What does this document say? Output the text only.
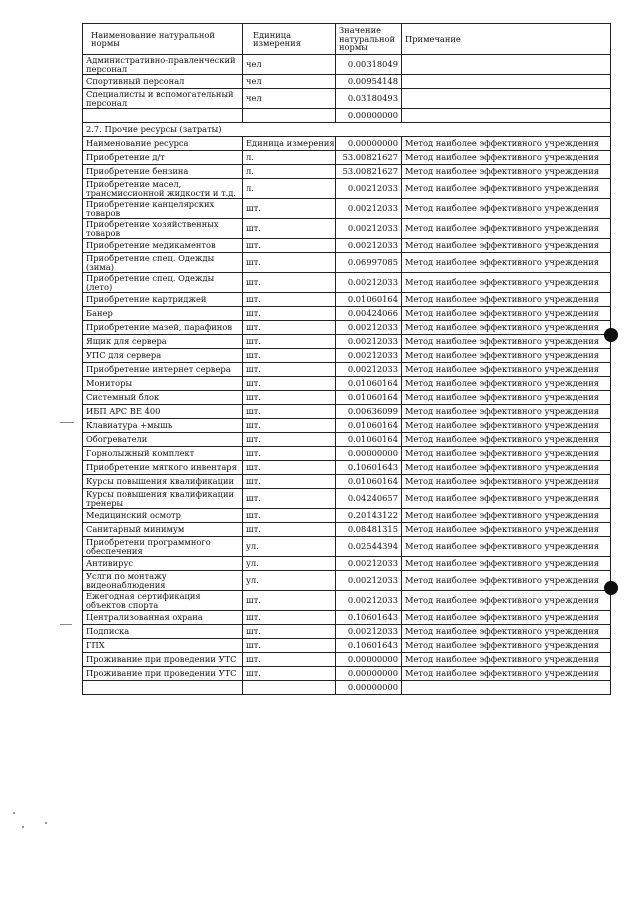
Наименование натуральной нормы	Единица измерения	Значение натуральной нормы	Примечание
Административно-правленческий персонал	чел	0.00318049	
Спортивный персонал	чел	0.00954148	
Специалисты и вспомогательный персонал	чел	0.03180493	
		0.00000000	
2.7. Прочие ресурсы (затраты)			
Наименование ресурса	Единица измерения	0.00000000	Метод наиболее эффективного учреждения
Приобретение д/т	л.	53.00821627	Метод наиболее эффективного учреждения
Приобретение бензина	л.	53.00821627	Метод наиболее эффективного учреждения
Приобретение масел, трансмиссионной жидкости и т.д.	л.	0.00212033	Метод наиболее эффективного учреждения
Приобретение канцелярских товаров	шт.	0.00212033	Метод наиболее эффективного учреждения
Приобретение хозяйственных товаров	шт.	0.00212033	Метод наиболее эффективного учреждения
Приобретение медикаментов	шт.	0.00212033	Метод наиболее эффективного учреждения
Приобретение спец. Одежды (зима)	шт.	0.06997085	Метод наиболее эффективного учреждения
Приобретение спец. Одежды (лето)	шт.	0.00212033	Метод наиболее эффективного учреждения
Приобретение картриджей	шт.	0.01060164	Метод наиболее эффективного учреждения
Банер	шт.	0.00424066	Метод наиболее эффективного учреждения
Приобретение мазей, парафинов	шт.	0.00212033	Метод наиболее эффективного учреждения
Ящик для сервера	шт.	0.00212033	Метод наиболее эффективного учреждения
УПС для сервера	шт.	0.00212033	Метод наиболее эффективного учреждения
Приобретение интернет сервера	шт.	0.00212033	Метод наиболее эффективного учреждения
Мониторы	шт.	0.01060164	Метод наиболее эффективного учреждения
Системный блок	шт.	0.01060164	Метод наиболее эффективного учреждения
ИБП APC BE 400	шт.	0.00636099	Метод наиболее эффективного учреждения
Клавиатура +мышь	шт.	0.01060164	Метод наиболее эффективного учреждения
Обогреватели	шт.	0.01060164	Метод наиболее эффективного учреждения
Горнолыжный комплект	шт.	0.00000000	Метод наиболее эффективного учреждения
Приобретение мягкого инвентаря	шт.	0.10601643	Метод наиболее эффективного учреждения
Курсы повышения квалификации	шт.	0.01060164	Метод наиболее эффективного учреждения
Курсы повышения квалификации тренеры	шт.	0.04240657	Метод наиболее эффективного учреждения
Медицинский осмотр	шт.	0.20143122	Метод наиболее эффективного учреждения
Санитарный минимум	шт.	0.08481315	Метод наиболее эффективного учреждения
Приобретени программного обеспечения	ул.	0.02544394	Метод наиболее эффективного учреждения
Антивирус	ул.	0.00212033	Метод наиболее эффективного учреждения
Услги по монтажу видеонаблюдения	ул.	0.00212033	Метод наиболее эффективного учреждения
Ежегодная сертификация объектов спорта	шт.	0.00212033	Метод наиболее эффективного учреждения
Централизованная охрана	шт.	0.10601643	Метод наиболее эффективного учреждения
Подписка	шт.	0.00212033	Метод наиболее эффективного учреждения
ГПХ	шт.	0.10601643	Метод наиболее эффективного учреждения
Проживание при проведении УТС	шт.	0.00000000	Метод наиболее эффективного учреждения
Проживание при проведении УТС	шт.	0.00000000	Метод наиболее эффективного учреждения
		0.00000000	
